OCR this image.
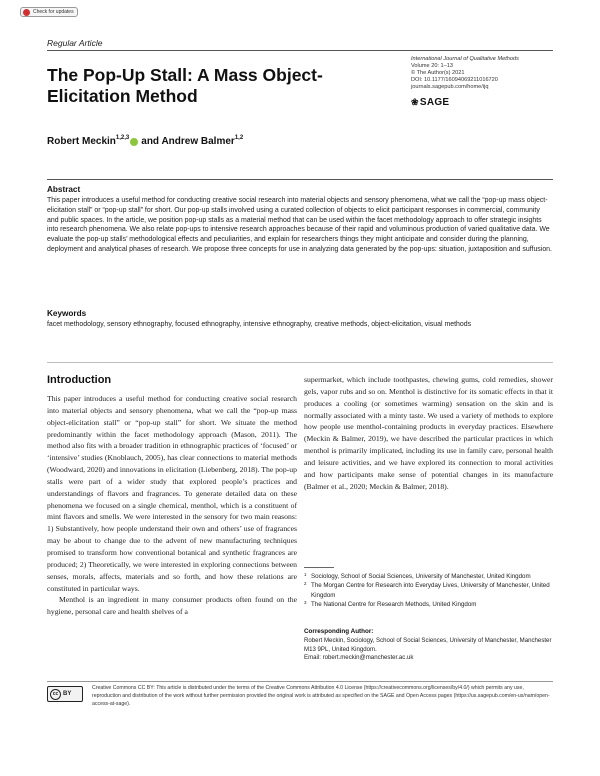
Check for updates
Regular Article
The Pop-Up Stall: A Mass Object-Elicitation Method
International Journal of Qualitative Methods
Volume 20: 1–13
© The Author(s) 2021
DOI: 10.1177/16094069211016720
journals.sagepub.com/home/ijq
❀ SAGE
Robert Meckin$^{1,2,3}$ and Andrew Balmer$^{1,2}$
Abstract

This paper introduces a useful method for conducting creative social research into material objects and sensory phenomena, what we call the “pop-up mass object-elicitation stall” or “pop-up stall” for short. Our pop-up stalls involved using a curated collection of objects to elicit participant responses in commercial, community and public spaces. In the article, we position pop-up stalls as a material method that can be used within the facet methodology approach to offer strategic insights into research phenomena. We also relate pop-ups to intensive research approaches because of their rapid and voluminous production of varied qualitative data. We evaluate the pop-up stalls’ methodological effects and peculiarities, and explain for researchers things they might anticipate and consider during the planning, deployment and analytical phases of research. We propose three concepts for use in analyzing data generated by the pop-ups: situation, juxtaposition and suffusion.

Keywords

facet methodology, sensory ethnography, focused ethnography, intensive ethnography, creative methods, object-elicitation, visual methods

Introduction

This paper introduces a useful method for conducting creative social research into material objects and sensory phenomena, what we call the “pop-up mass object-elicitation stall” or “pop-up stall” for short. We situate the method predominantly within the facet methodology approach (Mason, 2011). The method also fits with a broader tradition in ethnographic practices of ‘focused’ or ‘intensive’ studies (Knoblauch, 2005), has clear connections to material methods (Woodward, 2020) and innovations in elicitation (Liebenberg, 2018). The pop-up stalls were part of a wider study that explored people’s practices and understandings of flavors and fragrances. To generate detailed data on these phenomena we focused on a single chemical, menthol, which is a constituent of mint flavors and smells. We were interested in the sensory for two main reasons: 1) Substantively, how people understand their own and others’ use of fragrances may be about to change due to the advent of new manufacturing techniques promised to transform how conventional botanical and synthetic fragrances are produced; 2) Theoretically, we were interested in exploring connections between senses, morals, affects, materials and so forth, and how these relations are constituted in particular ways.

Menthol is an ingredient in many consumer products often found on the hygiene, personal care and health shelves of a

supermarket, which include toothpastes, chewing gums, cold remedies, shower gels, vapor rubs and so on. Menthol is distinctive for its somatic effects in that it produces a cooling (or sometimes warming) sensation on the skin and is normally associated with a minty taste. We used a variety of methods to explore how people use menthol-containing products in everyday practices. Elsewhere (Meckin & Balmer, 2019), we have described the particular practices in which menthol is primarily implicated, including its use in family care, personal health and leisure activities, and we have explored its connection to moral activities and how participants make sense of potential changes in its manufacture (Balmer et al., 2020; Meckin & Balmer, 2018).

1 Sociology, School of Social Sciences, University of Manchester, United Kingdom

2 The Morgan Centre for Research into Everyday Lives, University of Manchester, United Kingdom

3 The National Centre for Research Methods, United Kingdom

Corresponding Author:
Robert Meckin, Sociology, School of Social Sciences, University of Manchester, Manchester M13 9PL, United Kingdom.
Email: robert.meckin@manchester.ac.uk
cc BY

Creative Commons CC BY: This article is distributed under the terms of the Creative Commons Attribution 4.0 License (https://creativecommons.org/licenses/by/4.0/) which permits any use, reproduction and distribution of the work without further permission provided the original work is attributed as specified on the SAGE and Open Access pages (https://us.sagepub.com/en-us/nam/open-access-at-sage).
